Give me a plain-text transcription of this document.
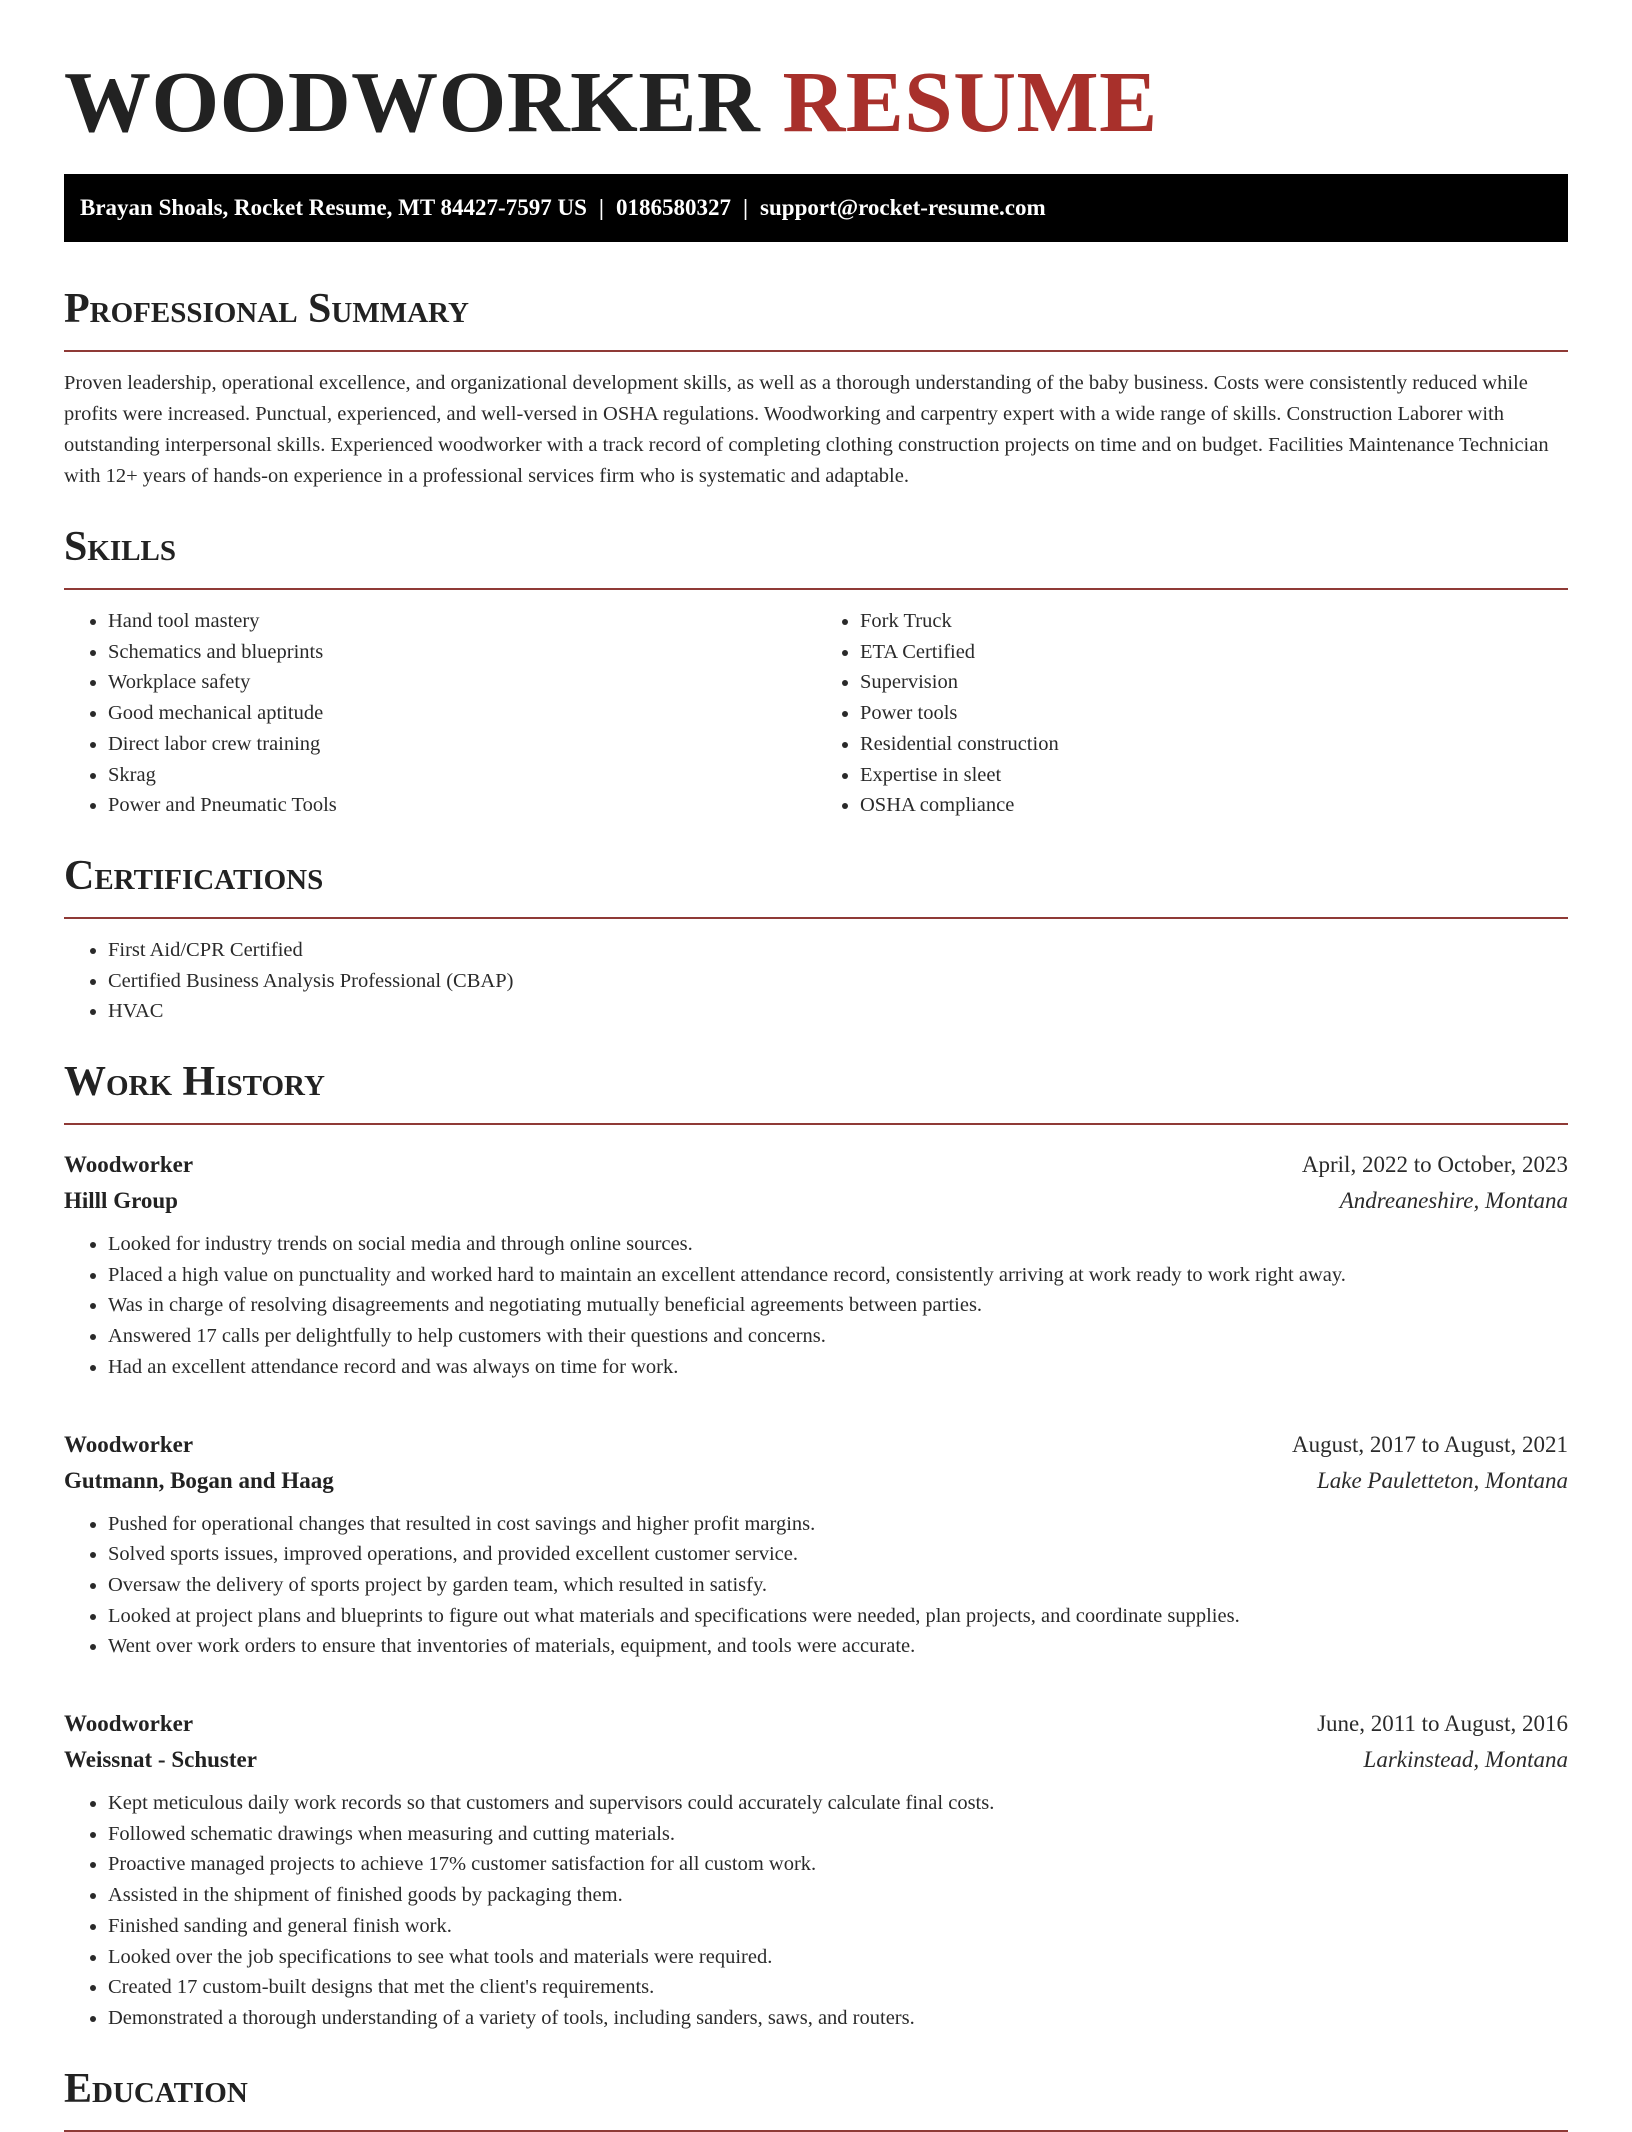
WOODWORKER RESUME
Brayan Shoals, Rocket Resume, MT 84427-7597 US | 0186580327 | support@rocket-resume.com
Professional Summary

Proven leadership, operational excellence, and organizational development skills, as well as a thorough understanding of the baby business. Costs were consistently reduced while profits were increased. Punctual, experienced, and well-versed in OSHA regulations. Woodworking and carpentry expert with a wide range of skills. Construction Laborer with outstanding interpersonal skills. Experienced woodworker with a track record of completing clothing construction projects on time and on budget. Facilities Maintenance Technician with 12+ years of hands-on experience in a professional services firm who is systematic and adaptable.

Skills
• Hand tool mastery
• Schematics and blueprints
• Workplace safety
• Good mechanical aptitude
• Direct labor crew training
• Skrag
• Power and Pneumatic Tools
• Fork Truck
• ETA Certified
• Supervision
• Power tools
• Residential construction
• Expertise in sleet
• OSHA compliance
Certifications
• First Aid/CPR Certified
• Certified Business Analysis Professional (CBAP)
• HVAC
Work History
Woodworker	April, 2022 to October, 2023
Hilll Group	Andreaneshire, Montana
• Looked for industry trends on social media and through online sources.
• Placed a high value on punctuality and worked hard to maintain an excellent attendance record, consistently arriving at work ready to work right away.
• Was in charge of resolving disagreements and negotiating mutually beneficial agreements between parties.
• Answered 17 calls per delightfully to help customers with their questions and concerns.
• Had an excellent attendance record and was always on time for work.
Woodworker	August, 2017 to August, 2021
Gutmann, Bogan and Haag	Lake Pauletteton, Montana
• Pushed for operational changes that resulted in cost savings and higher profit margins.
• Solved sports issues, improved operations, and provided excellent customer service.
• Oversaw the delivery of sports project by garden team, which resulted in satisfy.
• Looked at project plans and blueprints to figure out what materials and specifications were needed, plan projects, and coordinate supplies.
• Went over work orders to ensure that inventories of materials, equipment, and tools were accurate.
Woodworker	June, 2011 to August, 2016
Weissnat - Schuster	Larkinstead, Montana
• Kept meticulous daily work records so that customers and supervisors could accurately calculate final costs.
• Followed schematic drawings when measuring and cutting materials.
• Proactive managed projects to achieve 17% customer satisfaction for all custom work.
• Assisted in the shipment of finished goods by packaging them.
• Finished sanding and general finish work.
• Looked over the job specifications to see what tools and materials were required.
• Created 17 custom-built designs that met the client's requirements.
• Demonstrated a thorough understanding of a variety of tools, including sanders, saws, and routers.
Education
